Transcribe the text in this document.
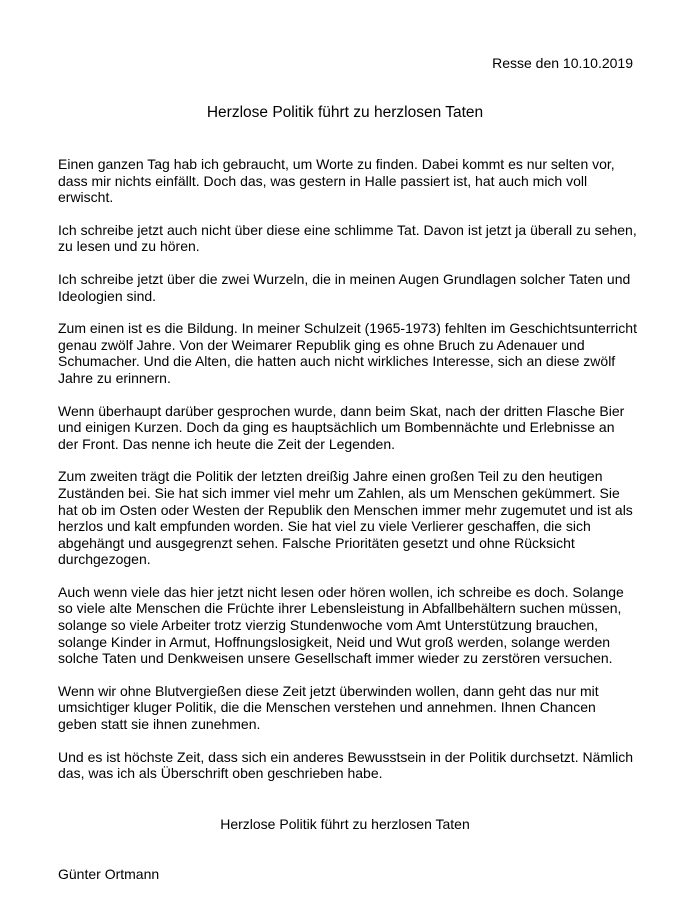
Resse den 10.10.2019
Herzlose Politik führt zu herzlosen Taten

Einen ganzen Tag hab ich gebraucht, um Worte zu finden. Dabei kommt es nur selten vor, dass mir nichts einfällt. Doch das, was gestern in Halle passiert ist, hat auch mich voll erwischt.

Ich schreibe jetzt auch nicht über diese eine schlimme Tat. Davon ist jetzt ja überall zu sehen, zu lesen und zu hören.

Ich schreibe jetzt über die zwei Wurzeln, die in meinen Augen Grundlagen solcher Taten und Ideologien sind.

Zum einen ist es die Bildung. In meiner Schulzeit (1965-1973) fehlten im Geschichtsunterricht genau zwölf Jahre. Von der Weimarer Republik ging es ohne Bruch zu Adenauer und Schumacher. Und die Alten, die hatten auch nicht wirkliches Interesse, sich an diese zwölf Jahre zu erinnern.

Wenn überhaupt darüber gesprochen wurde, dann beim Skat, nach der dritten Flasche Bier und einigen Kurzen. Doch da ging es hauptsächlich um Bombennächte und Erlebnisse an der Front. Das nenne ich heute die Zeit der Legenden.

Zum zweiten trägt die Politik der letzten dreißig Jahre einen großen Teil zu den heutigen Zuständen bei. Sie hat sich immer viel mehr um Zahlen, als um Menschen gekümmert. Sie hat ob im Osten oder Westen der Republik den Menschen immer mehr zugemutet und ist als herzlos und kalt empfunden worden. Sie hat viel zu viele Verlierer geschaffen, die sich abgehängt und ausgegrenzt sehen. Falsche Prioritäten gesetzt und ohne Rücksicht durchgezogen.

Auch wenn viele das hier jetzt nicht lesen oder hören wollen, ich schreibe es doch. Solange so viele alte Menschen die Früchte ihrer Lebensleistung in Abfallbehältern suchen müssen, solange so viele Arbeiter trotz vierzig Stundenwoche vom Amt Unterstützung brauchen, solange Kinder in Armut, Hoffnungslosigkeit, Neid und Wut groß werden, solange werden solche Taten und Denkweisen unsere Gesellschaft immer wieder zu zerstören versuchen.

Wenn wir ohne Blutvergießen diese Zeit jetzt überwinden wollen, dann geht das nur mit umsichtiger kluger Politik, die die Menschen verstehen und annehmen. Ihnen Chancen geben statt sie ihnen zunehmen.

Und es ist höchste Zeit, dass sich ein anderes Bewusstsein in der Politik durchsetzt. Nämlich das, was ich als Überschrift oben geschrieben habe.

Herzlose Politik führt zu herzlosen Taten
Günter Ortmann
